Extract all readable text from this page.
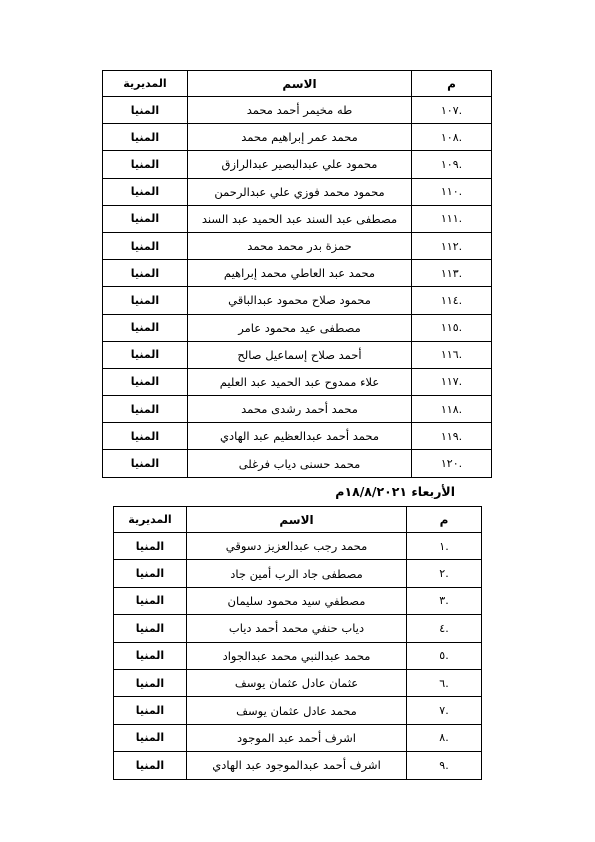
م	الاسم	المديرية
.١٠٧	طه مخيمر أحمد محمد	المنيا
.١٠٨	محمد عمر إبراهيم محمد	المنيا
.١٠٩	محمود علي عبدالبصير عبدالرازق	المنيا
.١١٠	محمود محمد فوزي علي عبدالرحمن	المنيا
.١١١	مصطفى عبد السند عبد الحميد عبد السند	المنيا
.١١٢	حمزة بدر محمد محمد	المنيا
.١١٣	محمد عبد العاطي محمد إبراهيم	المنيا
.١١٤	محمود صلاح محمود عبدالباقي	المنيا
.١١٥	مصطفى عيد محمود عامر	المنيا
.١١٦	أحمد صلاح إسماعيل صالح	المنيا
.١١٧	علاء ممدوح عبد الحميد عبد العليم	المنيا
.١١٨	محمد أحمد رشدى محمد	المنيا
.١١٩	محمد أحمد عبدالعظيم عبد الهادي	المنيا
.١٢٠	محمد حسنى دياب فرغلى	المنيا
الأربعاء ١٨/٨/٢٠٢١م
م	الاسم	المديرية
.١	محمد رجب عبدالعزيز دسوقي	المنيا
.٢	مصطفى جاد الرب أمين جاد	المنيا
.٣	مصطفي سيد محمود سليمان	المنيا
.٤	دياب حنفي محمد أحمد دياب	المنيا
.٥	محمد عبدالنبي محمد عبدالجواد	المنيا
.٦	عثمان عادل عثمان يوسف	المنيا
.٧	محمد عادل عثمان يوسف	المنيا
.٨	اشرف أحمد عبد الموجود	المنيا
.٩	اشرف أحمد عبدالموجود عبد الهادي	المنيا
